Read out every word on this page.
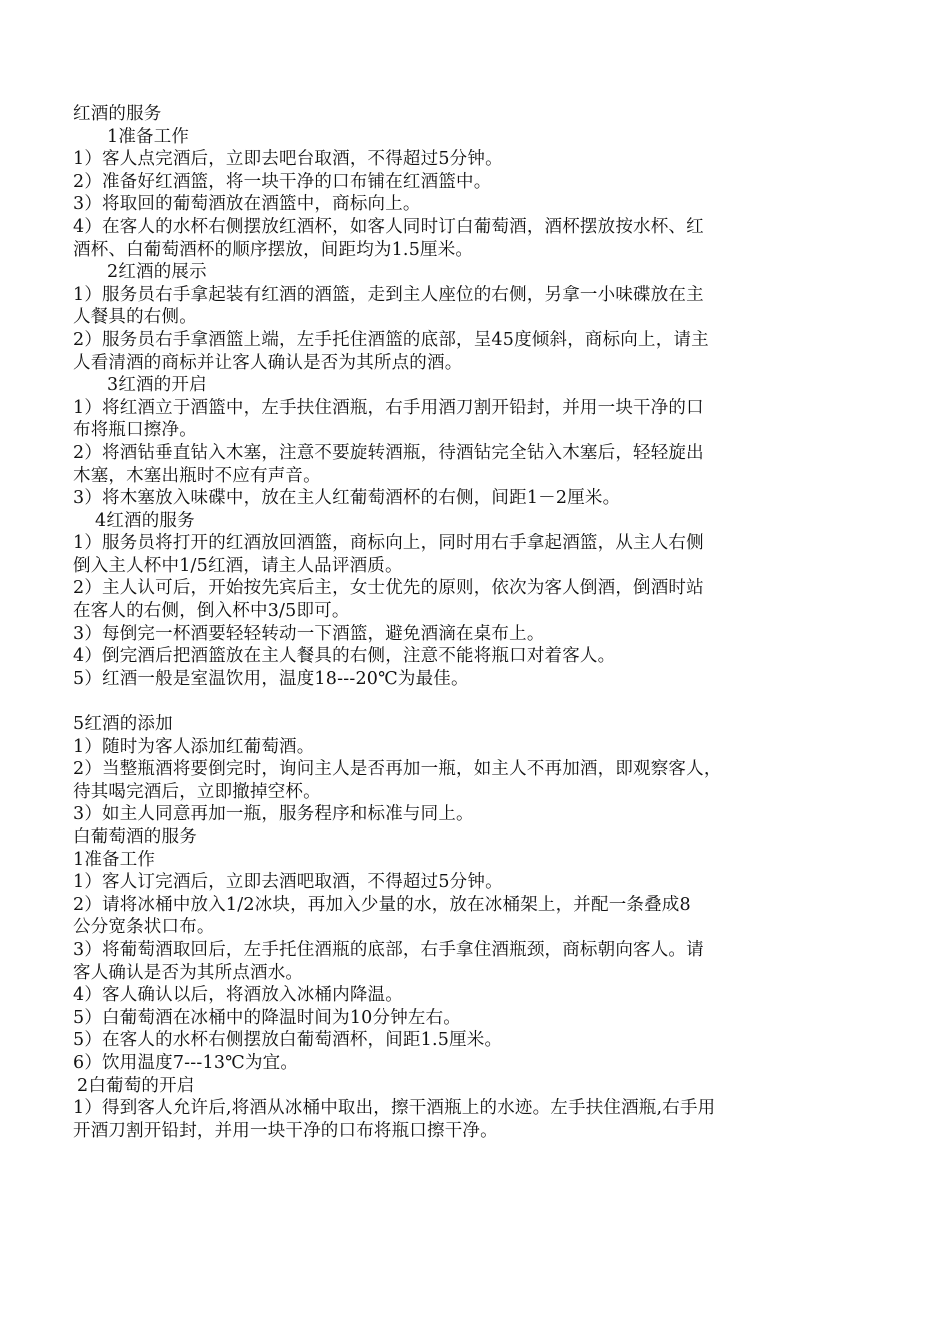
红酒的服务
1准备工作
1）客人点完酒后，立即去吧台取酒，不得超过5分钟。
2）准备好红酒篮，将一块干净的口布铺在红酒篮中。
3）将取回的葡萄酒放在酒篮中，商标向上。
4）在客人的水杯右侧摆放红酒杯，如客人同时订白葡萄酒，酒杯摆放按水杯、红
酒杯、白葡萄酒杯的顺序摆放，间距均为1.5厘米。
2红酒的展示
1）服务员右手拿起装有红酒的酒篮，走到主人座位的右侧，另拿一小味碟放在主
人餐具的右侧。
2）服务员右手拿酒篮上端，左手托住酒篮的底部，呈45度倾斜，商标向上，请主
人看清酒的商标并让客人确认是否为其所点的酒。
3红酒的开启
1）将红酒立于酒篮中，左手扶住酒瓶，右手用酒刀割开铅封，并用一块干净的口
布将瓶口擦净。
2）将酒钻垂直钻入木塞，注意不要旋转酒瓶，待酒钻完全钻入木塞后，轻轻旋出
木塞，木塞出瓶时不应有声音。
3）将木塞放入味碟中，放在主人红葡萄酒杯的右侧，间距1－2厘米。
4红酒的服务
1）服务员将打开的红酒放回酒篮，商标向上，同时用右手拿起酒篮，从主人右侧
倒入主人杯中1/5红酒，请主人品评酒质。
2）主人认可后，开始按先宾后主，女士优先的原则，依次为客人倒酒，倒酒时站
在客人的右侧，倒入杯中3/5即可。
3）每倒完一杯酒要轻轻转动一下酒篮，避免酒滴在桌布上。
4）倒完酒后把酒篮放在主人餐具的右侧，注意不能将瓶口对着客人。
5）红酒一般是室温饮用，温度18---20℃为最佳。
5红酒的添加
1）随时为客人添加红葡萄酒。
2）当整瓶酒将要倒完时，询问主人是否再加一瓶，如主人不再加酒，即观察客人，
待其喝完酒后，立即撤掉空杯。
3）如主人同意再加一瓶，服务程序和标准与同上。
白葡萄酒的服务
1准备工作
1）客人订完酒后，立即去酒吧取酒，不得超过5分钟。
2）请将冰桶中放入1/2冰块，再加入少量的水，放在冰桶架上，并配一条叠成8
公分宽条状口布。
3）将葡萄酒取回后，左手托住酒瓶的底部，右手拿住酒瓶颈，商标朝向客人。请
客人确认是否为其所点酒水。
4）客人确认以后，将酒放入冰桶内降温。
5）白葡萄酒在冰桶中的降温时间为10分钟左右。
5）在客人的水杯右侧摆放白葡萄酒杯，间距1.5厘米。
6）饮用温度7---13℃为宜。
2白葡萄的开启
1）得到客人允许后,将酒从冰桶中取出，擦干酒瓶上的水迹。左手扶住酒瓶,右手用
开酒刀割开铅封，并用一块干净的口布将瓶口擦干净。
